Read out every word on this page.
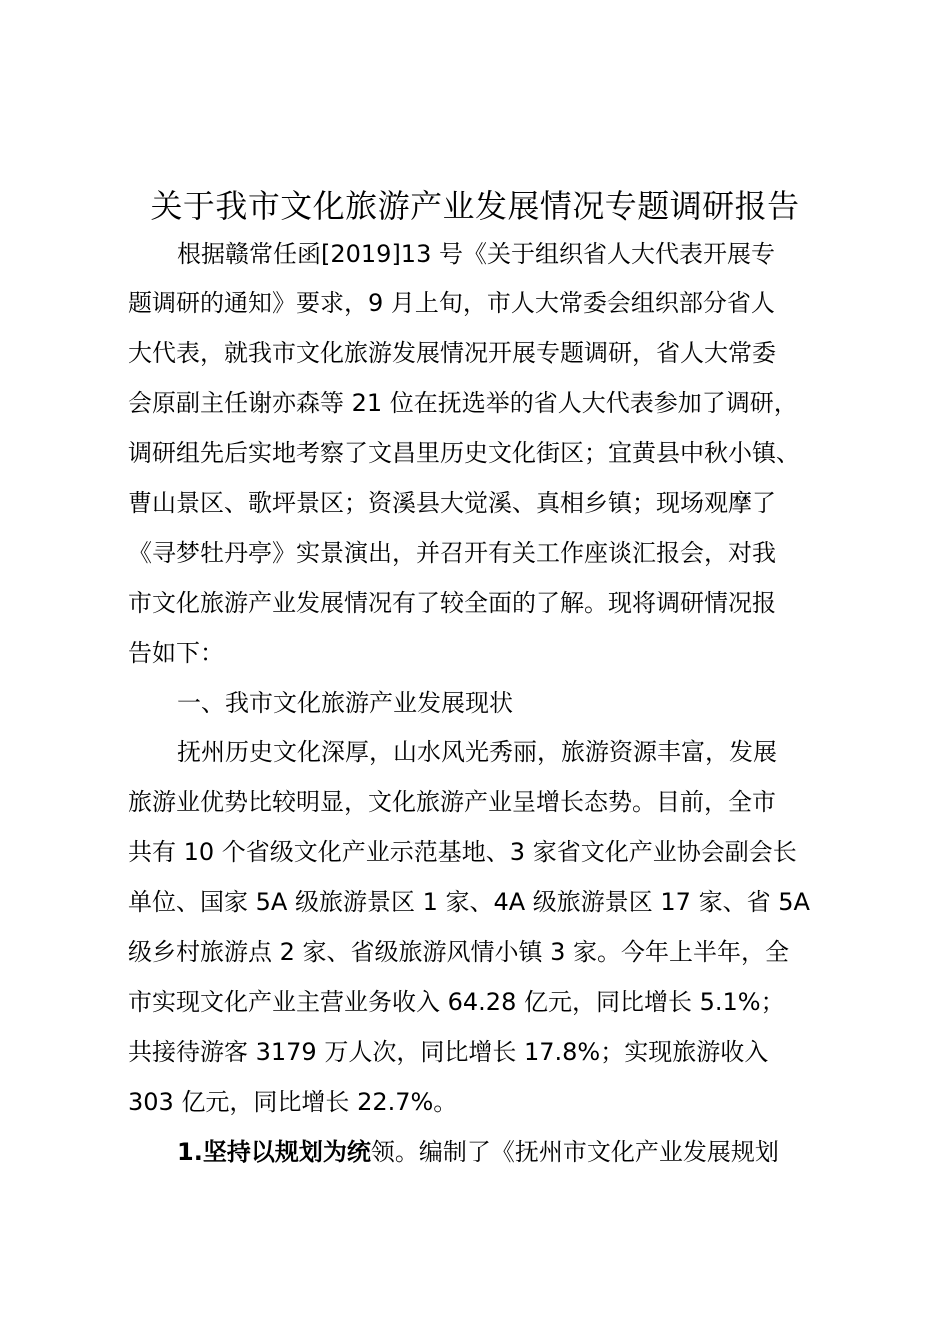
关于我市文化旅游产业发展情况专题调研报告
根据赣常任函[2019]13 号《关于组织省人大代表开展专
题调研的通知》要求，9 月上旬，市人大常委会组织部分省人
大代表，就我市文化旅游发展情况开展专题调研，省人大常委
会原副主任谢亦森等 21 位在抚选举的省人大代表参加了调研，
调研组先后实地考察了文昌里历史文化街区；宜黄县中秋小镇、
曹山景区、歌坪景区；资溪县大觉溪、真相乡镇；现场观摩了
《寻梦牡丹亭》实景演出，并召开有关工作座谈汇报会，对我
市文化旅游产业发展情况有了较全面的了解。现将调研情况报
告如下：
一、我市文化旅游产业发展现状
抚州历史文化深厚，山水风光秀丽，旅游资源丰富，发展
旅游业优势比较明显，文化旅游产业呈增长态势。目前，全市
共有 10 个省级文化产业示范基地、3 家省文化产业协会副会长
单位、国家 5A 级旅游景区 1 家、4A 级旅游景区 17 家、省 5A
级乡村旅游点 2 家、省级旅游风情小镇 3 家。今年上半年，全
市实现文化产业主营业务收入 64.28 亿元，同比增长 5.1%；
共接待游客 3179 万人次，同比增长 17.8%；实现旅游收入
303 亿元，同比增长 22.7%。
1.坚持以规划为统领。编制了《抚州市文化产业发展规划
